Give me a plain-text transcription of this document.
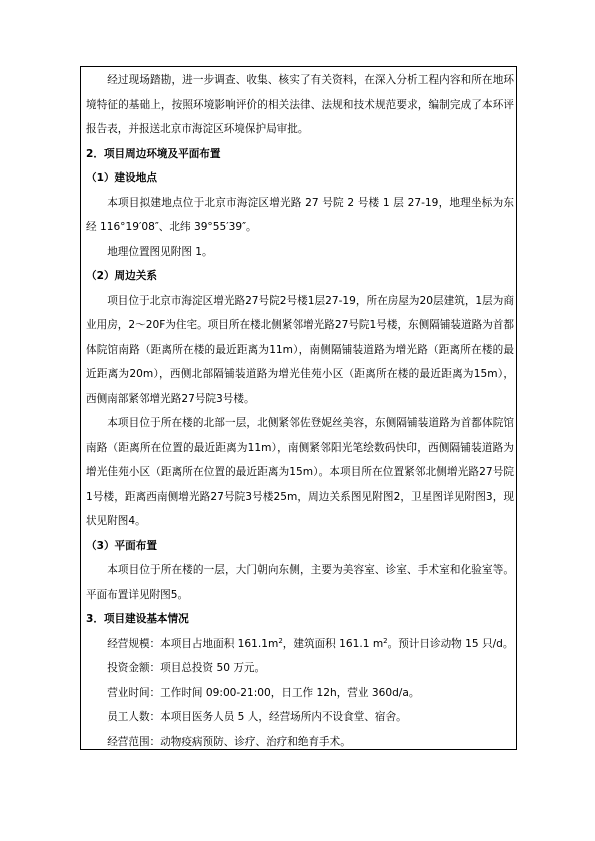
经过现场踏勘，进一步调查、收集、核实了有关资料，在深入分析工程内容和所在地环境特征的基础上，按照环境影响评价的相关法律、法规和技术规范要求，编制完成了本环评报告表，并报送北京市海淀区环境保护局审批。

2．项目周边环境及平面布置

（1）建设地点

本项目拟建地点位于北京市海淀区增光路 27 号院 2 号楼 1 层 27-19，地理坐标为东经 116°19′08″、北纬 39°55′39″。

地理位置图见附图 1。

（2）周边关系

项目位于北京市海淀区增光路27号院2号楼1层27-19，所在房屋为20层建筑，1层为商业用房，2～20F为住宅。项目所在楼北侧紧邻增光路27号院1号楼，东侧隔铺装道路为首都体院馆南路（距离所在楼的最近距离为11m），南侧隔铺装道路为增光路（距离所在楼的最近距离为20m），西侧北部隔铺装道路为增光佳苑小区（距离所在楼的最近距离为15m），西侧南部紧邻增光路27号院3号楼。

本项目位于所在楼的北部一层，北侧紧邻佐登妮丝美容，东侧隔铺装道路为首都体院馆南路（距离所在位置的最近距离为11m），南侧紧邻阳光笔绘数码快印，西侧隔铺装道路为增光佳苑小区（距离所在位置的最近距离为15m）。本项目所在位置紧邻北侧增光路27号院1号楼，距离西南侧增光路27号院3号楼25m，周边关系图见附图2，卫星图详见附图3，现状见附图4。

（3）平面布置

本项目位于所在楼的一层，大门朝向东侧，主要为美容室、诊室、手术室和化验室等。平面布置详见附图5。

3．项目建设基本情况

经营规模：本项目占地面积 $161.1m^2$，建筑面积 161.1 $m^2$。预计日诊动物 15 只/d。

投资金额：项目总投资 50 万元。

营业时间：工作时间 09:00-21:00，日工作 12h，营业 360d/a。

员工人数：本项目医务人员 5 人，经营场所内不设食堂、宿舍。

经营范围：动物疫病预防、诊疗、治疗和绝育手术。
